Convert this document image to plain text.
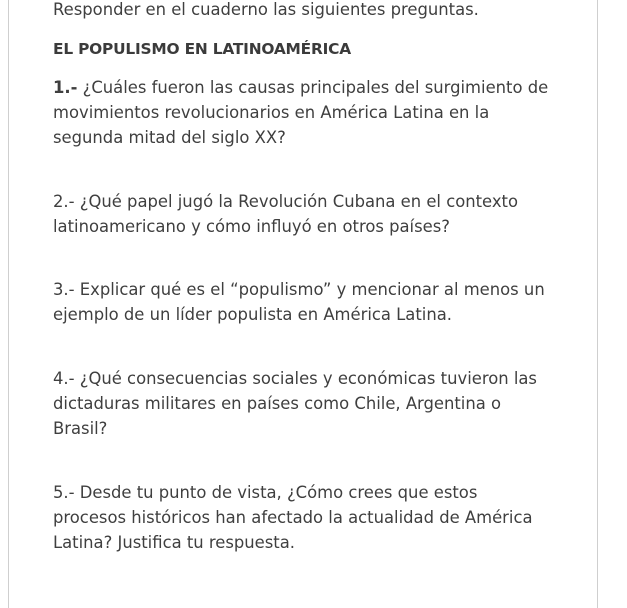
Responder en el cuaderno las siguientes preguntas.
EL POPULISMO EN LATINOAMÉRICA
1.- ¿Cuáles fueron las causas principales del surgimiento de movimientos revolucionarios en América Latina en la segunda mitad del siglo XX?
2.- ¿Qué papel jugó la Revolución Cubana en el contexto latinoamericano y cómo influyó en otros países?
3.- Explicar qué es el “populismo” y mencionar al menos un ejemplo de un líder populista en América Latina.
4.- ¿Qué consecuencias sociales y económicas tuvieron las dictaduras militares en países como Chile, Argentina o Brasil?
5.- Desde tu punto de vista, ¿Cómo crees que estos procesos históricos han afectado la actualidad de América Latina? Justifica tu respuesta.
